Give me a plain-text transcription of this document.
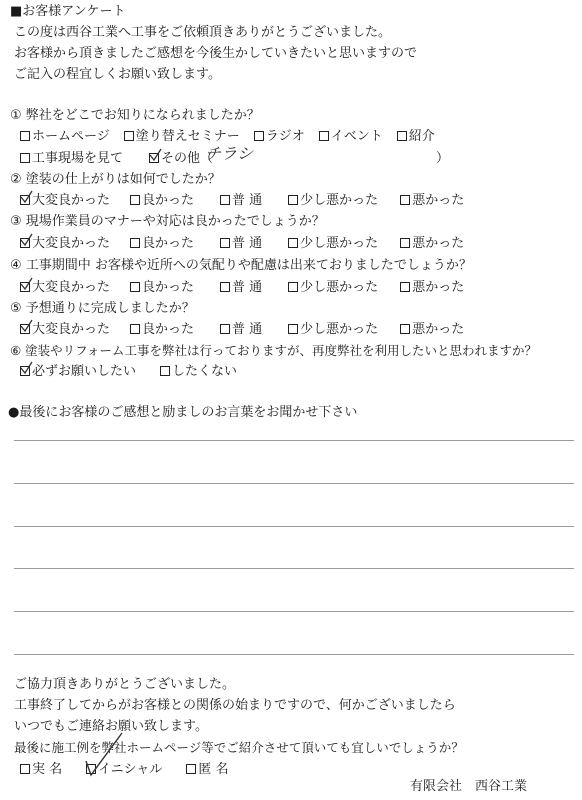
■お客様アンケート
この度は西谷工業へ工事をご依頼頂きありがとうございました。
お客様から頂きましたご感想を今後生かしていきたいと思いますので
ご記入の程宜しくお願い致します。
① 弊社をどこでお知りになられましたか？
ホームページ 塗り替えセミナー ラジオ イベント 紹介
工事現場を見て	その他（
チラシ	）
② 塗装の仕上がりは如何でしたか？
大変良かった 良かった	普 通	少し悪かった	悪かった
③ 現場作業員のマナーや対応は良かったでしょうか？
大変良かった 良かった	普 通	少し悪かった	悪かった
④ 工事期間中 お客様や近所への気配りや配慮は出来ておりましたでしょうか？
大変良かった 良かった	普 通	少し悪かった	悪かった
⑤ 予想通りに完成しましたか？
大変良かった 良かった	普 通	少し悪かった	悪かった
⑥ 塗装やリフォーム工事を弊社は行っておりますが、再度弊社を利用したいと思われますか？
必ずお願いしたい	したくない
●最後にお客様のご感想と励ましのお言葉をお聞かせ下さい
ご協力頂きありがとうございました。
工事終了してからがお客様との関係の始まりですので、何かございましたら
いつでもご連絡お願い致します。
最後に施工例を弊社ホームページ等でご紹介させて頂いても宜しいでしょうか？
実 名	イニシャル	匿 名
有限会社　西谷工業
